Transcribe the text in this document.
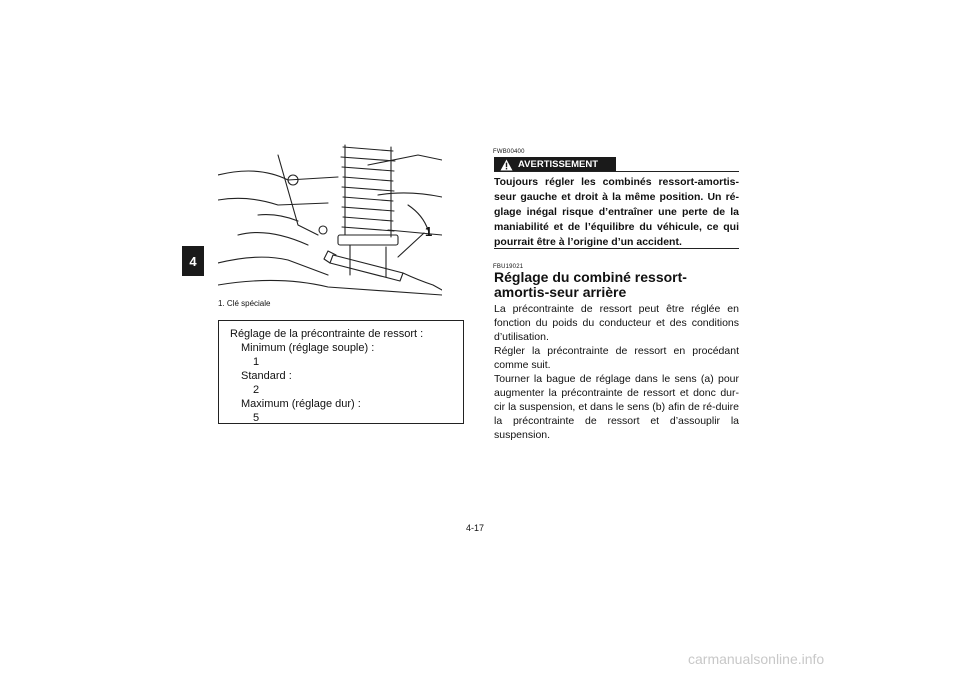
4
1
1. Clé spéciale
Réglage de la précontrainte de ressort :
Minimum (réglage souple) :
1
Standard :
2
Maximum (réglage dur) :
5
FWB00400
AVERTISSEMENT
Toujours régler les combinés ressort-amortis-seur gauche et droit à la même position. Un ré-glage inégal risque d’entraîner une perte de la maniabilité et de l’équilibre du véhicule, ce qui pourrait être à l’origine d’un accident.
FBU19021
Réglage du combiné ressort-amortis-seur arrière

La précontrainte de ressort peut être réglée en fonction du poids du conducteur et des conditions d’utilisation.

Régler la précontrainte de ressort en procédant comme suit.

Tourner la bague de réglage dans le sens (a) pour augmenter la précontrainte de ressort et donc dur-cir la suspension, et dans le sens (b) afin de ré-duire la précontrainte de ressort et d’assouplir la suspension.

4-17
carmanualsonline.info
